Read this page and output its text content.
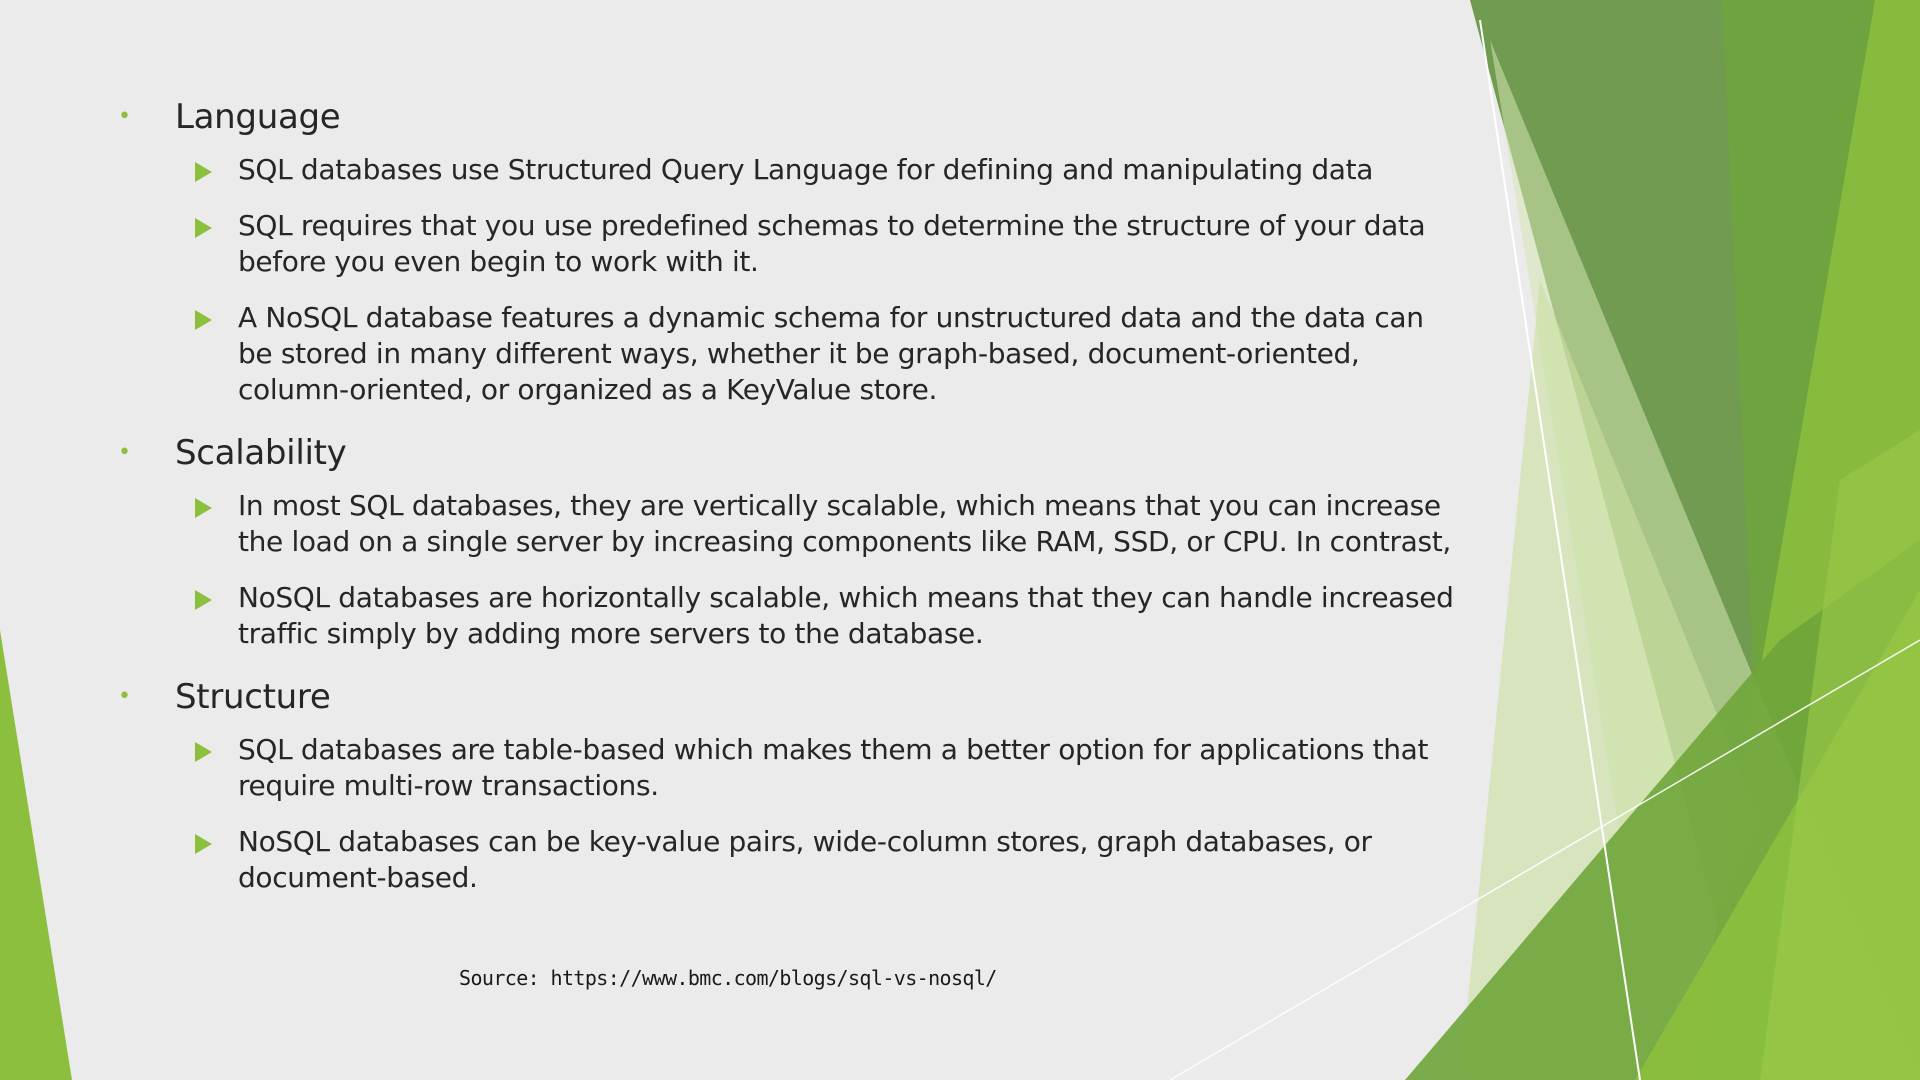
• Language
SQL databases use Structured Query Language for defining and manipulating data
SQL requires that you use predefined schemas to determine the structure of your data before you even begin to work with it.
A NoSQL database features a dynamic schema for unstructured data and the data can be stored in many different ways, whether it be graph-based, document-oriented, column-oriented, or organized as a KeyValue store.
• Scalability
In most SQL databases, they are vertically scalable, which means that you can increase the load on a single server by increasing components like RAM, SSD, or CPU. In contrast,
NoSQL databases are horizontally scalable, which means that they can handle increased traffic simply by adding more servers to the database.
• Structure
SQL databases are table-based which makes them a better option for applications that require multi-row transactions.
NoSQL databases can be key-value pairs, wide-column stores, graph databases, or document-based.
Source: https://www.bmc.com/blogs/sql-vs-nosql/
